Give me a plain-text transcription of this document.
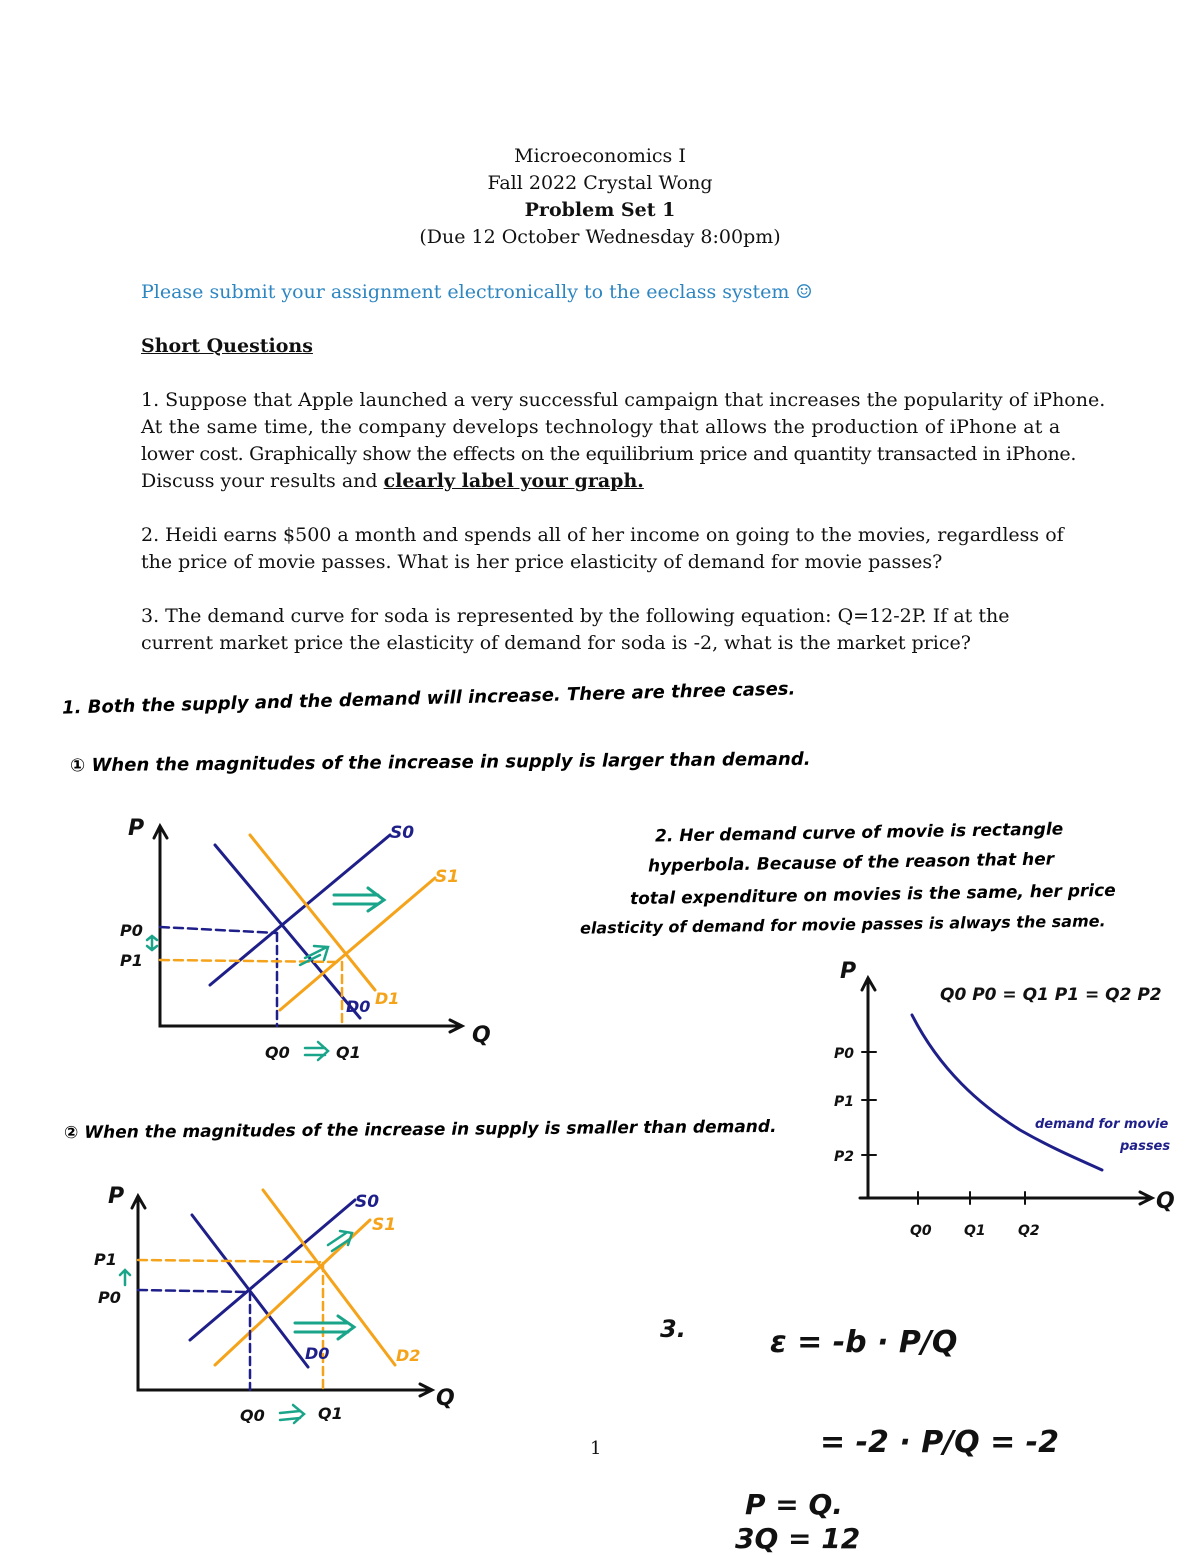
Microeconomics I
Fall 2022 Crystal Wong
Problem Set 1
(Due 12 October Wednesday 8:00pm)
Please submit your assignment electronically to the eeclass system ☺
Short Questions
1. Suppose that Apple launched a very successful campaign that increases the popularity of iPhone.
At the same time, the company develops technology that allows the production of iPhone at a
lower cost. Graphically show the effects on the equilibrium price and quantity transacted in iPhone.
Discuss your results and clearly label your graph.
2. Heidi earns $500 a month and spends all of her income on going to the movies, regardless of
the price of movie passes. What is her price elasticity of demand for movie passes?
3. The demand curve for soda is represented by the following equation: Q=12-2P. If at the
current market price the elasticity of demand for soda is -2, what is the market price?
1. Both the supply and the demand will increase. There are three cases.
① When the magnitudes of the increase in supply is larger than demand.
2. Her demand curve of movie is rectangle
hyperbola. Because of the reason that her
total expenditure on movies is the same, her price
elasticity of demand for movie passes is always the same.
② When the magnitudes of the increase in supply is smaller than demand.
3.	ε = -b · P/Q
= -2 · P/Q = -2
P = Q.
3Q = 12
P
Q
S0
S1
D0 D1
P0
P1
Q0	Q1
P
Q
Q0 P0 = Q1 P1 = Q2 P2
P0
P1
P2
Q0 Q1 Q2
demand for movie
passes
P
Q
S0
S1
D0	D2
P1
P0
Q0	Q1
1
